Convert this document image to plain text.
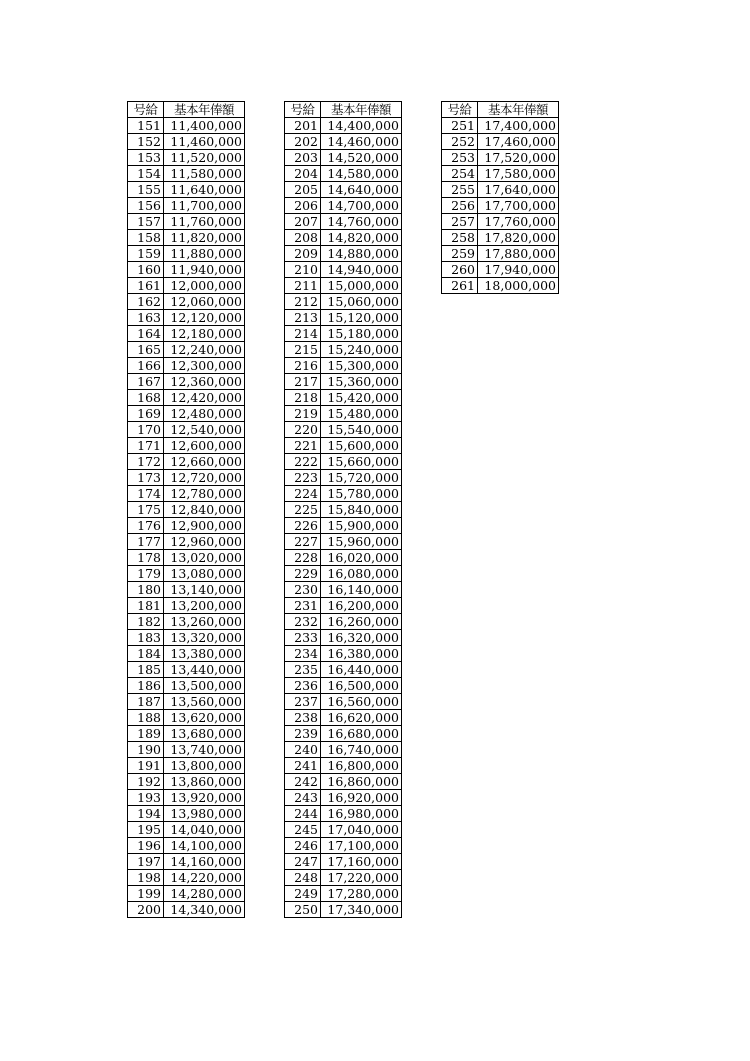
号給	基本年俸額
151	11,400,000
152	11,460,000
153	11,520,000
154	11,580,000
155	11,640,000
156	11,700,000
157	11,760,000
158	11,820,000
159	11,880,000
160	11,940,000
161	12,000,000
162	12,060,000
163	12,120,000
164	12,180,000
165	12,240,000
166	12,300,000
167	12,360,000
168	12,420,000
169	12,480,000
170	12,540,000
171	12,600,000
172	12,660,000
173	12,720,000
174	12,780,000
175	12,840,000
176	12,900,000
177	12,960,000
178	13,020,000
179	13,080,000
180	13,140,000
181	13,200,000
182	13,260,000
183	13,320,000
184	13,380,000
185	13,440,000
186	13,500,000
187	13,560,000
188	13,620,000
189	13,680,000
190	13,740,000
191	13,800,000
192	13,860,000
193	13,920,000
194	13,980,000
195	14,040,000
196	14,100,000
197	14,160,000
198	14,220,000
199	14,280,000
200	14,340,000
号給	基本年俸額
201	14,400,000
202	14,460,000
203	14,520,000
204	14,580,000
205	14,640,000
206	14,700,000
207	14,760,000
208	14,820,000
209	14,880,000
210	14,940,000
211	15,000,000
212	15,060,000
213	15,120,000
214	15,180,000
215	15,240,000
216	15,300,000
217	15,360,000
218	15,420,000
219	15,480,000
220	15,540,000
221	15,600,000
222	15,660,000
223	15,720,000
224	15,780,000
225	15,840,000
226	15,900,000
227	15,960,000
228	16,020,000
229	16,080,000
230	16,140,000
231	16,200,000
232	16,260,000
233	16,320,000
234	16,380,000
235	16,440,000
236	16,500,000
237	16,560,000
238	16,620,000
239	16,680,000
240	16,740,000
241	16,800,000
242	16,860,000
243	16,920,000
244	16,980,000
245	17,040,000
246	17,100,000
247	17,160,000
248	17,220,000
249	17,280,000
250	17,340,000
号給	基本年俸額
251	17,400,000
252	17,460,000
253	17,520,000
254	17,580,000
255	17,640,000
256	17,700,000
257	17,760,000
258	17,820,000
259	17,880,000
260	17,940,000
261	18,000,000
